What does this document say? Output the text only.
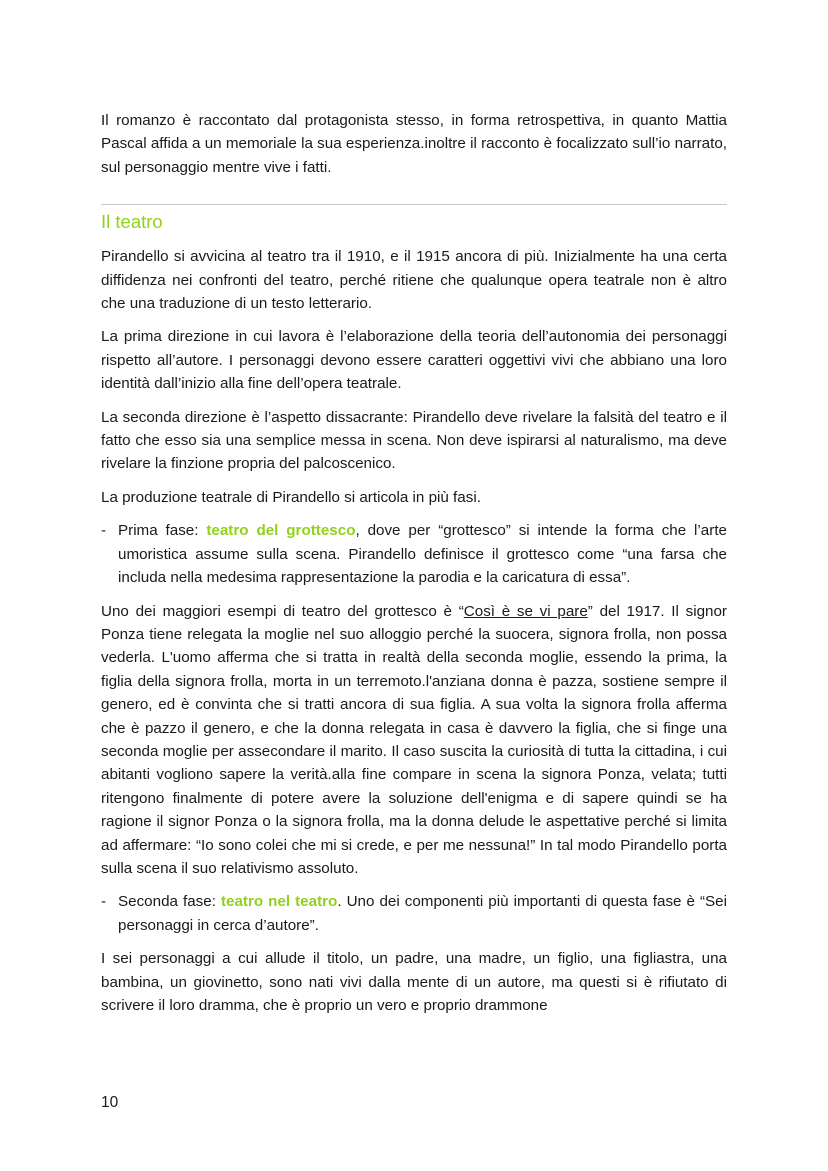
Il romanzo è raccontato dal protagonista stesso, in forma retrospettiva, in quanto Mattia Pascal affida a un memoriale la sua esperienza.inoltre il racconto è focalizzato sull’io narrato, sul personaggio mentre vive i fatti.

Il teatro

Pirandello si avvicina al teatro tra il 1910, e il 1915 ancora di più. Inizialmente ha una certa diffidenza nei confronti del teatro, perché ritiene che qualunque opera teatrale non è altro che una traduzione di un testo letterario.

La prima direzione in cui lavora è l’elaborazione della teoria dell’autonomia dei personaggi rispetto all’autore. I personaggi devono essere caratteri oggettivi vivi che abbiano una loro identità dall’inizio alla fine dell’opera teatrale.

La seconda direzione è l’aspetto dissacrante: Pirandello deve rivelare la falsità del teatro e il fatto che esso sia una semplice messa in scena. Non deve ispirarsi al naturalismo, ma deve rivelare la finzione propria del palcoscenico.

La produzione teatrale di Pirandello si articola in più fasi.

- Prima fase: teatro del grottesco, dove per “grottesco” si intende la forma che l’arte umoristica assume sulla scena. Pirandello definisce il grottesco come “una farsa che includa nella medesima rappresentazione la parodia e la caricatura di essa”.

Uno dei maggiori esempi di teatro del grottesco è “Così è se vi pare” del 1917. Il signor Ponza tiene relegata la moglie nel suo alloggio perché la suocera, signora frolla, non possa vederla. L'uomo afferma che si tratta in realtà della seconda moglie, essendo la prima, la figlia della signora frolla, morta in un terremoto.l'anziana donna è pazza, sostiene sempre il genero, ed è convinta che si tratti ancora di sua figlia. A sua volta la signora frolla afferma che è pazzo il genero, e che la donna relegata in casa è davvero la figlia, che si finge una seconda moglie per assecondare il marito. Il caso suscita la curiosità di tutta la cittadina, i cui abitanti vogliono sapere la verità.alla fine compare in scena la signora Ponza, velata; tutti ritengono finalmente di potere avere la soluzione dell'enigma e di sapere quindi se ha ragione il signor Ponza o la signora frolla, ma la donna delude le aspettative perché si limita ad affermare: “Io sono colei che mi si crede, e per me nessuna!” In tal modo Pirandello porta sulla scena il suo relativismo assoluto.

- Seconda fase: teatro nel teatro. Uno dei componenti più importanti di questa fase è “Sei personaggi in cerca d’autore”.

I sei personaggi a cui allude il titolo, un padre, una madre, un figlio, una figliastra, una bambina, un giovinetto, sono nati vivi dalla mente di un autore, ma questi si è rifiutato di scrivere il loro dramma, che è proprio un vero e proprio drammone

10
